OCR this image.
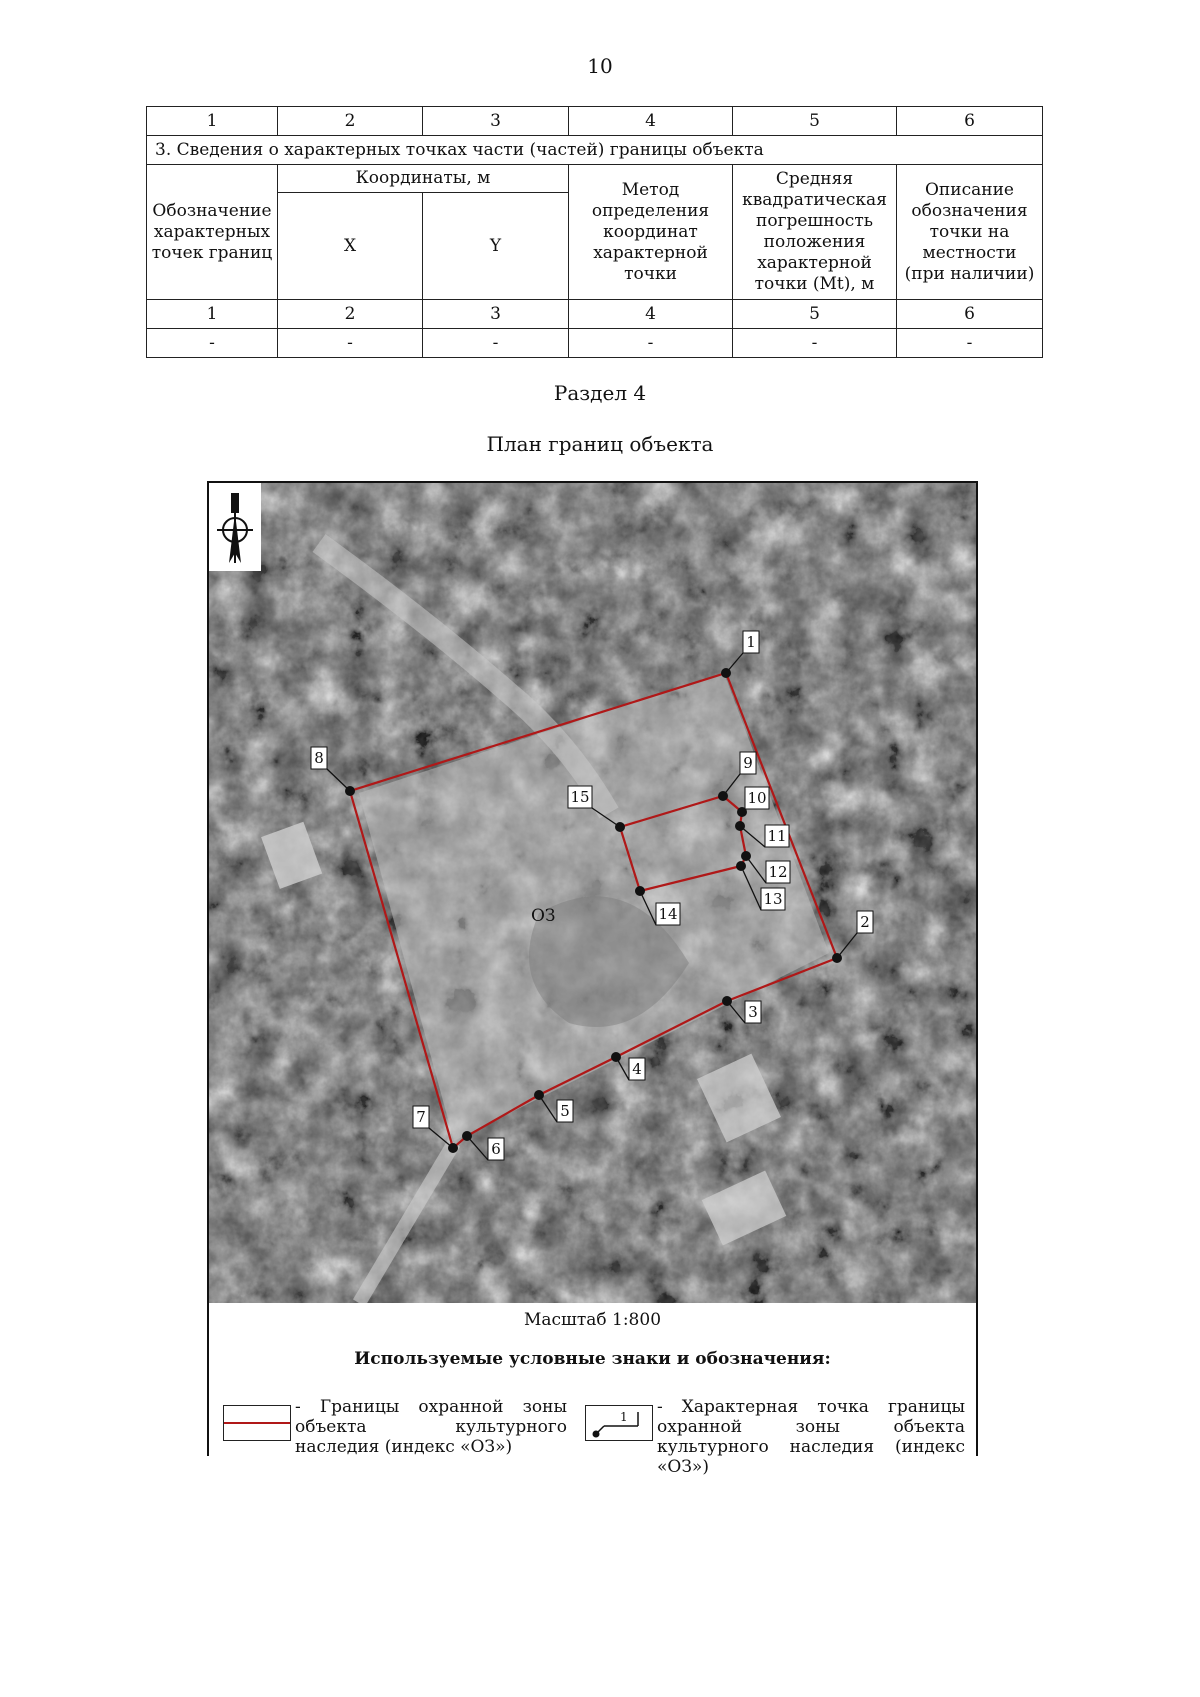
10
1	2	3	4	5	6
3. Сведения о характерных точках части (частей) границы объекта					
Обозначение характерных точек границ	Координаты, м		Метод определения координат характерной точки	Средняя квадратическая погрешность положения характерной точки (Mt), м	Описание обозначения точки на местности (при наличии)
	X	Y			
1	2	3	4	5	6
-	-	-	-	-	-
Раздел 4
План границ объекта
1
2
3
4
5
6
7
8	9
10
11
12
13
14
15
ОЗ
Масштаб 1:800
Используемые условные знаки и обозначения:
- Границы охранной зоны объекта культурного наследия (индекс «ОЗ»)
1 - Характерная точка границы охранной зоны объекта культурного наследия (индекс «ОЗ»)
